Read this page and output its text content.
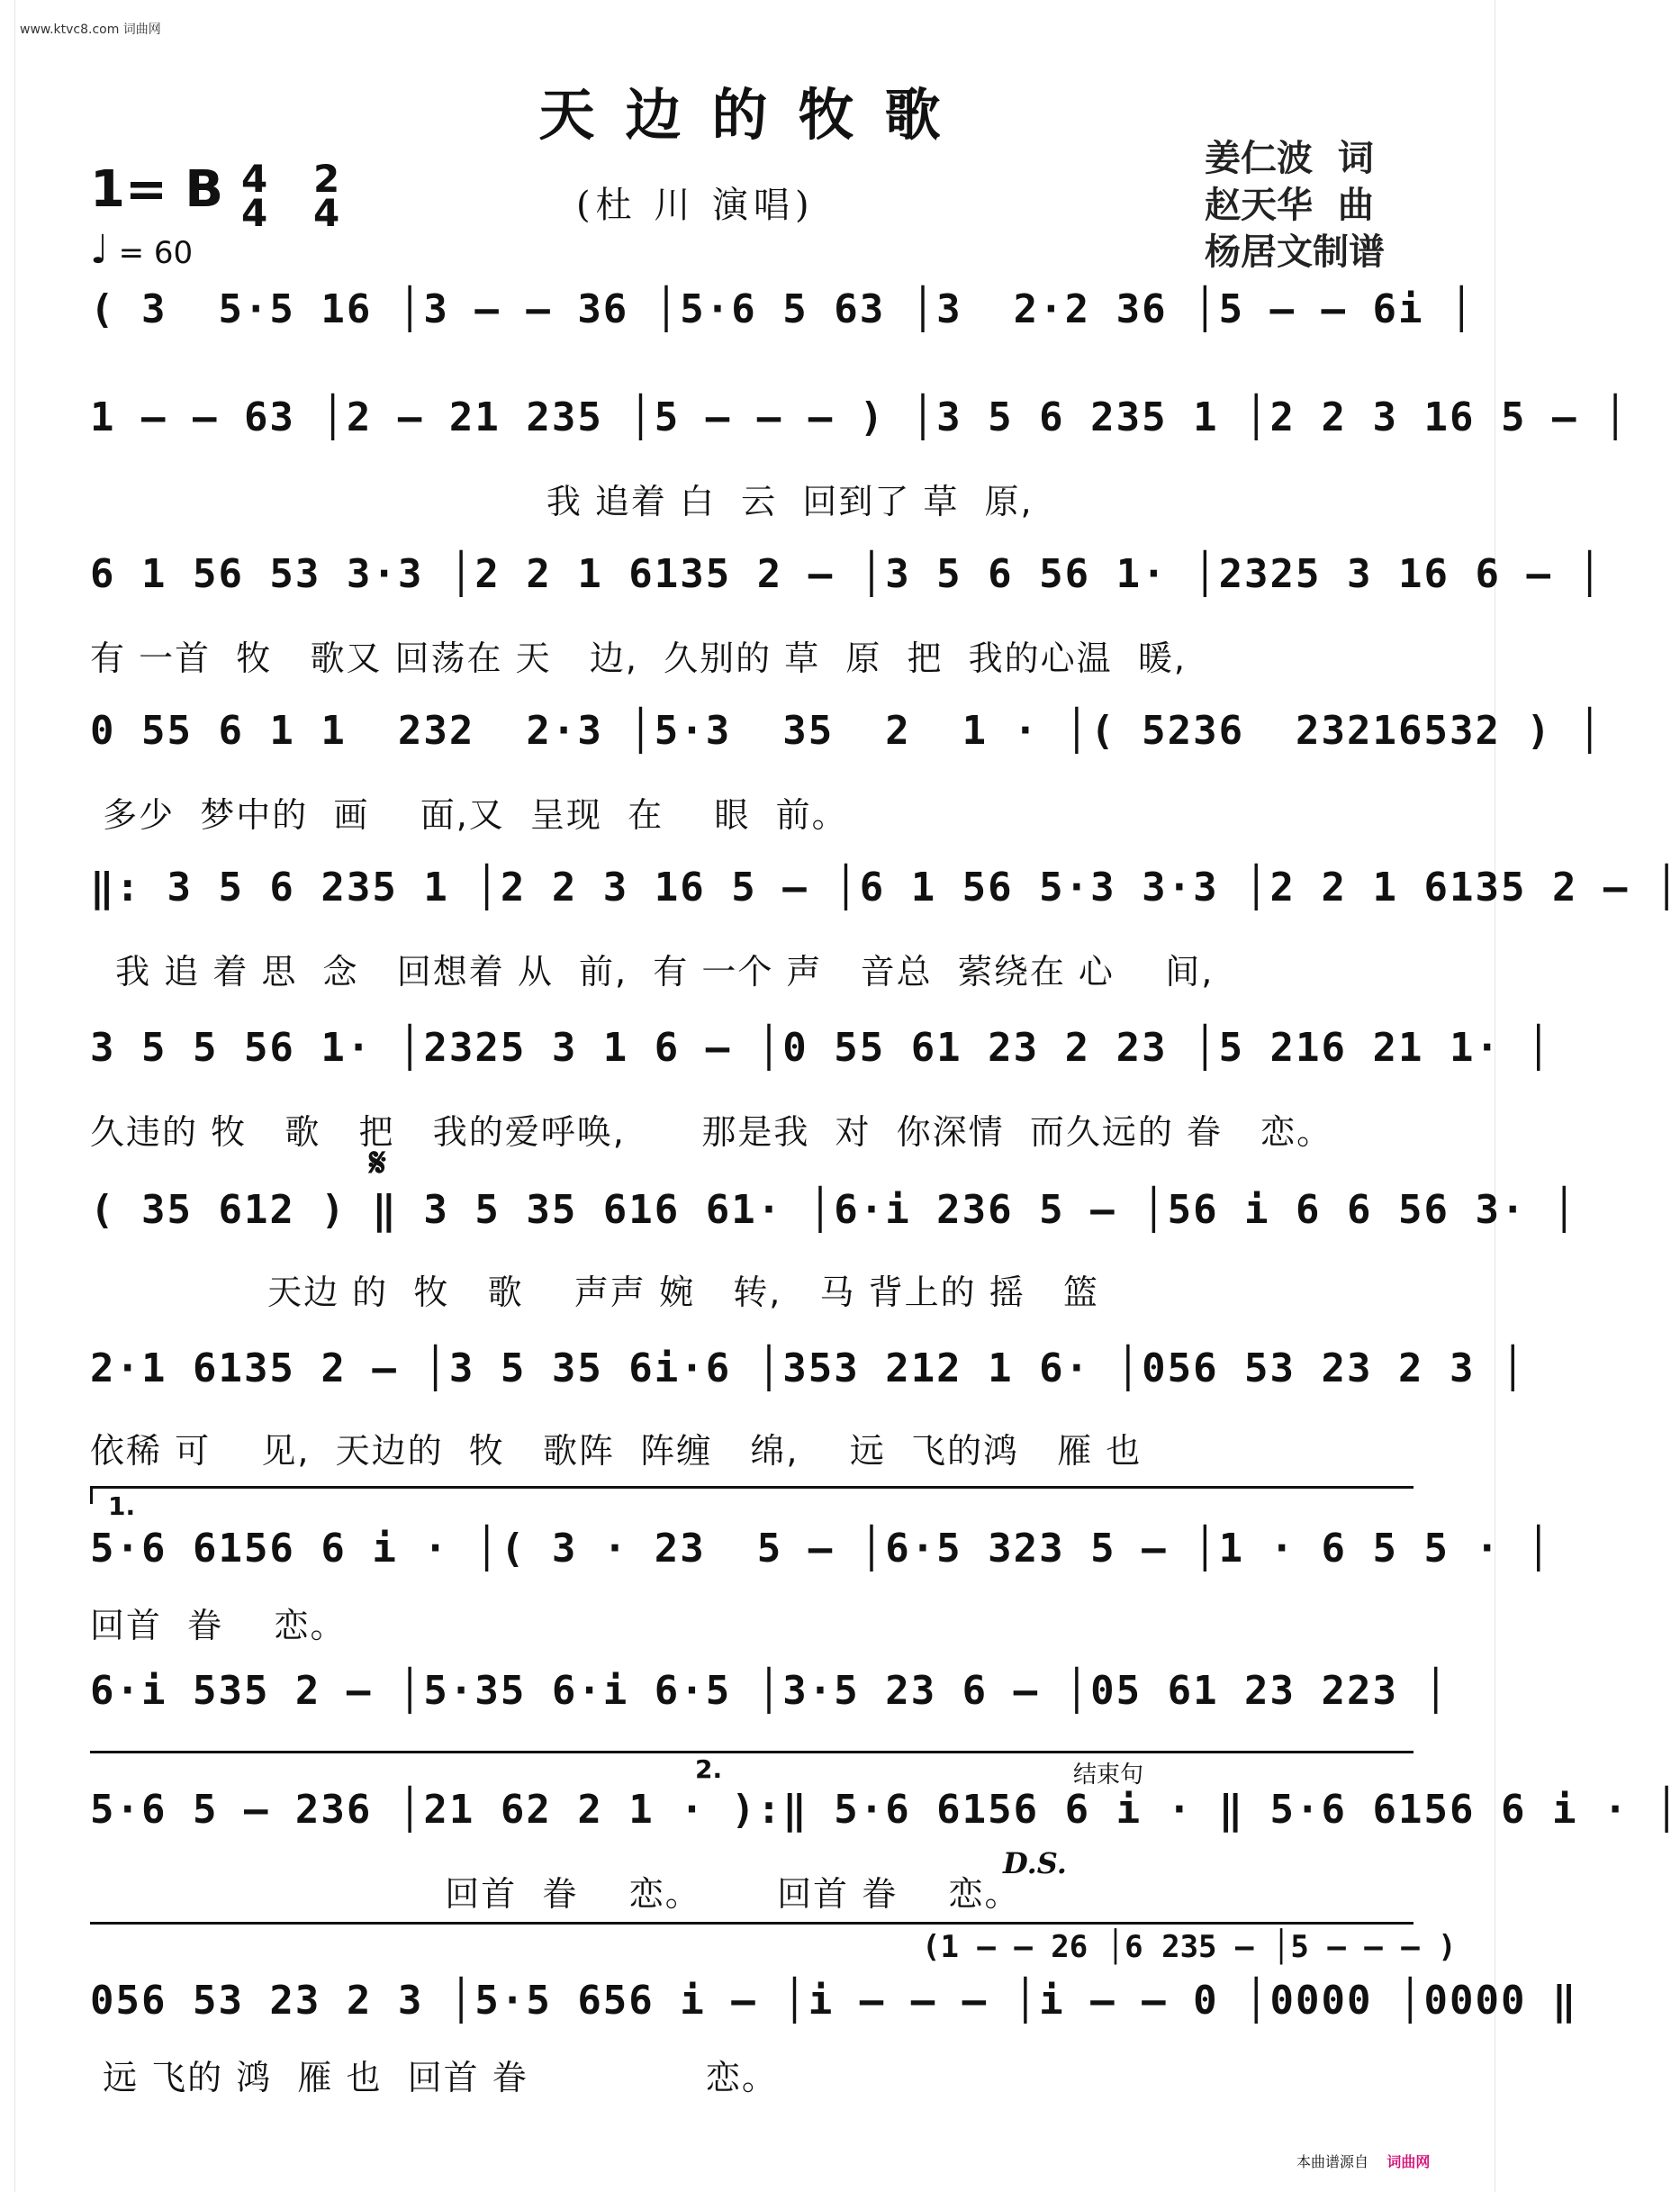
www.ktvc8.com 词曲网
天边的牧歌
1= B 4
4
2
4
♩ = 60
(杜 川 演唱)
姜仁波  词
赵天华  曲
杨居文制谱
( 3  5·5 16 │3 – – 36 │5·6 5 63 │3  2·2 36 │5 – – 6i │
1 – – 63 │2 – 21 235 │5 – – – ) │3 5 6 235 1 │2 2 3 16 5 – │
我 追着 白  云  回到了 草  原,
6 1 56 53 3·3 │2 2 1 6135 2 – │3 5 6 56 1· │2325 3 16 6 – │
有 一首  牧   歌又 回荡在 天   边,  久别的 草  原  把  我的心温  暖,
0 55 6 1 1  232  2·3 │5·3  35  2  1 · │( 5236  23216532 ) │
多少  梦中的  画    面,又  呈现  在    眼  前。
‖: 3 5 6 235 1 │2 2 3 16 5 – │6 1 56 5·3 3·3 │2 2 1 6135 2 – │
我 追 着 思  念   回想着 从  前,  有 一个 声   音总  萦绕在 心    间,
3 5 5 56 1· │2325 3 1 6 – │0 55 61 23 2 23 │5 216 21 1· │
久违的 牧   歌   把   我的爱呼唤,      那是我  对  你深情  而久远的 眷   恋。
𝄋
( 35 612 ) ‖ 3 5 35 616 61· │6·i 236 5 – │56 i 6 6 56 3· │
天边 的  牧   歌    声声 婉   转,   马 背上的 摇   篮
2·1 6135 2 – │3 5 35 6i·6 │353 212 1 6· │056 53 23 2 3 │
依稀 可    见,  天边的  牧   歌阵  阵缠   绵,    远  飞的鸿   雁 也
1.
5·6 6156 6 i · │( 3 · 23  5 – │6·5 323 5 – │1 · 6 5 5 · │
回首  眷    恋。
6·i 535 2 – │5·35 6·i 6·5 │3·5 23 6 – │05 61 23 223 │
2.	结束句
5·6 5 – 236 │21 62 2 1 · ):‖ 5·6 6156 6 i · ‖ 5·6 6156 6 i · │
回首  眷    恋。      回首 眷    恋。
D.S.
(1 – – 26 │6 235 – │5 – – – )
056 53 23 2 3 │5·5 656 i – │i – – – │i – – 0 │0000 │0000 ‖
远 飞的 鸿  雁 也  回首 眷              恋。
本曲谱源自 词曲网
